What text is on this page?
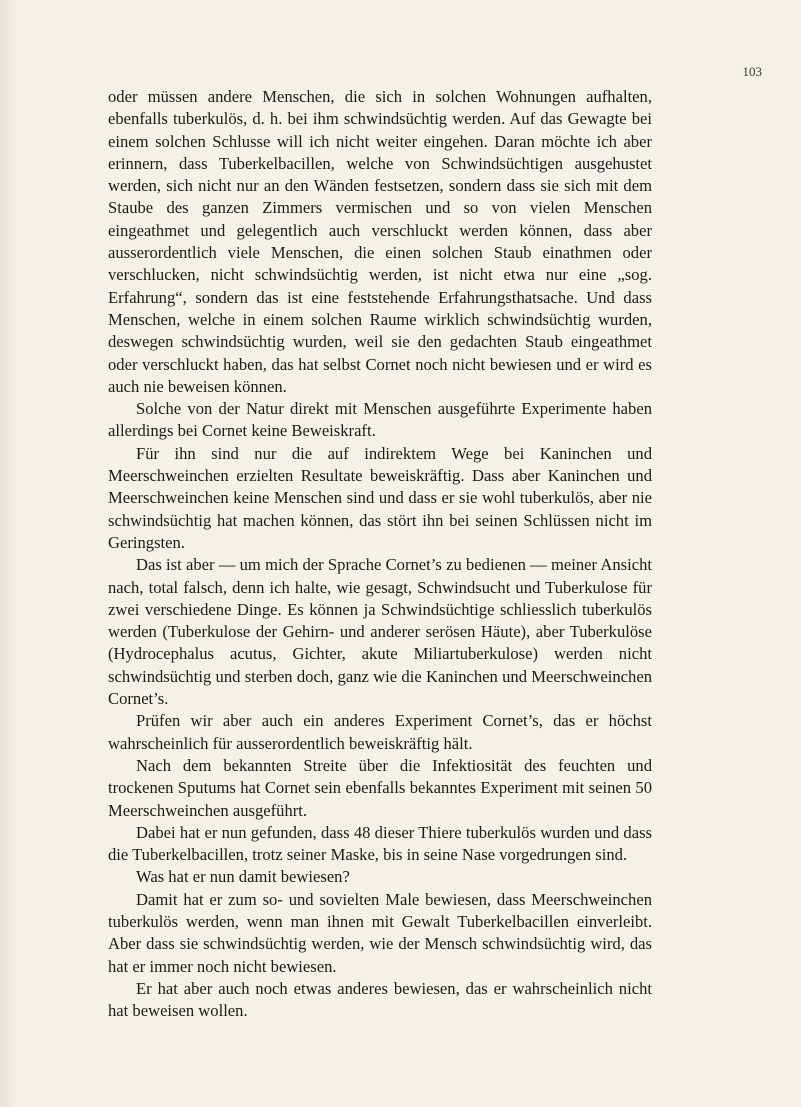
103

oder müssen andere Menschen, die sich in solchen Wohnungen aufhalten, ebenfalls tuberkulös, d. h. bei ihm schwindsüchtig werden. Auf das Gewagte bei einem solchen Schlusse will ich nicht weiter eingehen. Daran möchte ich aber erinnern, dass Tuberkelbacillen, welche von Schwindsüchtigen ausgehustet werden, sich nicht nur an den Wänden festsetzen, sondern dass sie sich mit dem Staube des ganzen Zimmers vermischen und so von vielen Menschen eingeathmet und gelegentlich auch verschluckt werden können, dass aber ausserordentlich viele Menschen, die einen solchen Staub einathmen oder verschlucken, nicht schwindsüchtig werden, ist nicht etwa nur eine „sog. Erfahrung“, sondern das ist eine feststehende Erfahrungsthatsache. Und dass Menschen, welche in einem solchen Raume wirklich schwindsüchtig wurden, deswegen schwindsüchtig wurden, weil sie den gedachten Staub eingeathmet oder verschluckt haben, das hat selbst Cornet noch nicht bewiesen und er wird es auch nie beweisen können.

Solche von der Natur direkt mit Menschen ausgeführte Experimente haben allerdings bei Cornet keine Beweiskraft.

Für ihn sind nur die auf indirektem Wege bei Kaninchen und Meerschweinchen erzielten Resultate beweiskräftig. Dass aber Kaninchen und Meerschweinchen keine Menschen sind und dass er sie wohl tuberkulös, aber nie schwindsüchtig hat machen können, das stört ihn bei seinen Schlüssen nicht im Geringsten.

Das ist aber — um mich der Sprache Cornet’s zu bedienen — meiner Ansicht nach, total falsch, denn ich halte, wie gesagt, Schwindsucht und Tuberkulose für zwei verschiedene Dinge. Es können ja Schwindsüchtige schliesslich tuberkulös werden (Tuberkulose der Gehirn- und anderer serösen Häute), aber Tuberkulöse (Hydrocephalus acutus, Gichter, akute Miliartuberkulose) werden nicht schwindsüchtig und sterben doch, ganz wie die Kaninchen und Meerschweinchen Cornet’s.

Prüfen wir aber auch ein anderes Experiment Cornet’s, das er höchst wahrscheinlich für ausserordentlich beweiskräftig hält.

Nach dem bekannten Streite über die Infektiosität des feuchten und trockenen Sputums hat Cornet sein ebenfalls bekanntes Experiment mit seinen 50 Meerschweinchen ausgeführt.

Dabei hat er nun gefunden, dass 48 dieser Thiere tuberkulös wurden und dass die Tuberkelbacillen, trotz seiner Maske, bis in seine Nase vorgedrungen sind.

Was hat er nun damit bewiesen?

Damit hat er zum so- und sovielten Male bewiesen, dass Meerschweinchen tuberkulös werden, wenn man ihnen mit Gewalt Tuberkelbacillen einverleibt. Aber dass sie schwindsüchtig werden, wie der Mensch schwindsüchtig wird, das hat er immer noch nicht bewiesen.

Er hat aber auch noch etwas anderes bewiesen, das er wahrscheinlich nicht hat beweisen wollen.
